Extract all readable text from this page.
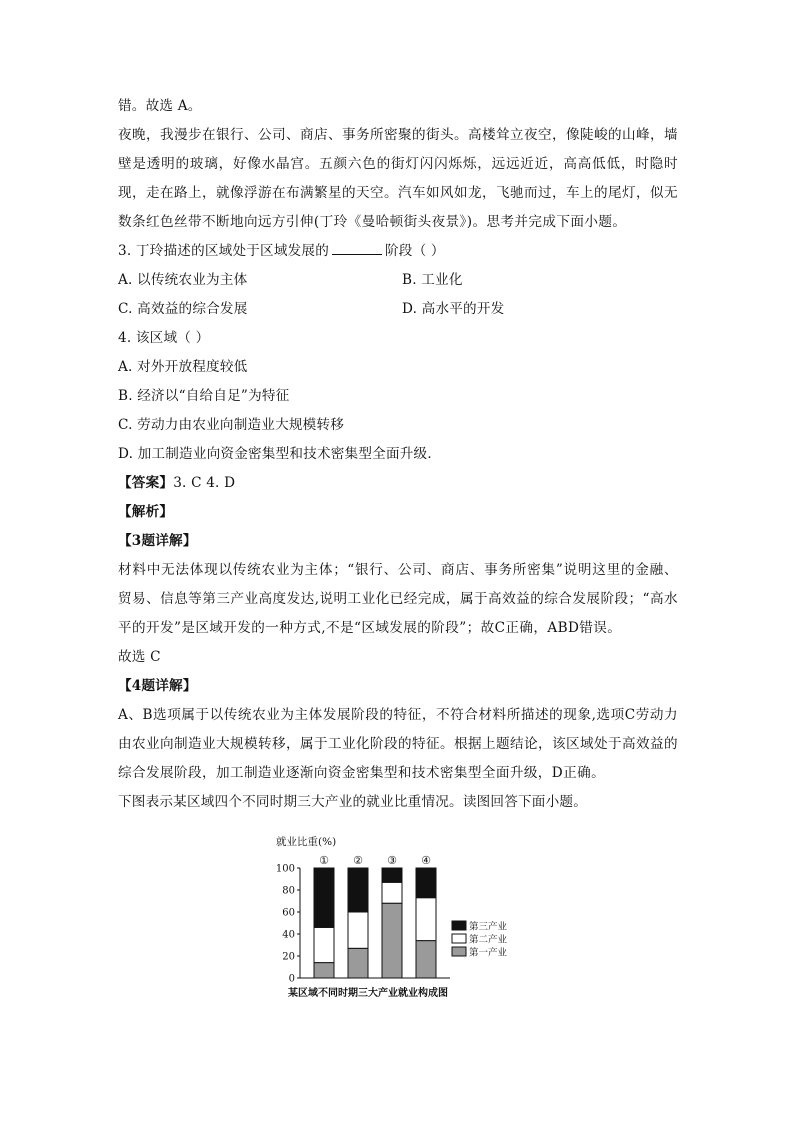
错。故选 A。
夜晚，我漫步在银行、公司、商店、事务所密聚的街头。高楼耸立夜空，像陡峻的山峰，墙壁是透明的玻璃，好像水晶宫。五颜六色的街灯闪闪烁烁，远远近近，高高低低，时隐时现，走在路上，就像浮游在布满繁星的天空。汽车如风如龙，飞驰而过，车上的尾灯，似无数条红色丝带不断地向远方引伸(丁玲《曼哈顿街头夜景》)。思考并完成下面小题。
3. 丁玲描述的区域处于区域发展的	阶段（ ）
A. 以传统农业为主体	B. 工业化
C. 高效益的综合发展	D. 高水平的开发
4. 该区域（ ）
A. 对外开放程度较低
B. 经济以“自给自足”为特征
C. 劳动力由农业向制造业大规模转移
D. 加工制造业向资金密集型和技术密集型全面升级．
【答案】3. C 4. D
【解析】
【3题详解】
材料中无法体现以传统农业为主体；“银行、公司、商店、事务所密集”说明这里的金融、贸易、信息等第三产业高度发达,说明工业化已经完成，属于高效益的综合发展阶段；“高水平的开发”是区域开发的一种方式,不是“区域发展的阶段”；故C正确，ABD错误。
故选 C
【4题详解】
A、B选项属于以传统农业为主体发展阶段的特征，不符合材料所描述的现象,选项C劳动力由农业向制造业大规模转移，属于工业化阶段的特征。根据上题结论，该区域处于高效益的综合发展阶段，加工制造业逐渐向资金密集型和技术密集型全面升级，D正确。
下图表示某区域四个不同时期三大产业的就业比重情况。读图回答下面小题。
就业比重(%)
0
20
40
60
80
100
① ② ③ ④
第三产业
第二产业
第一产业
某区域不同时期三大产业就业构成图
